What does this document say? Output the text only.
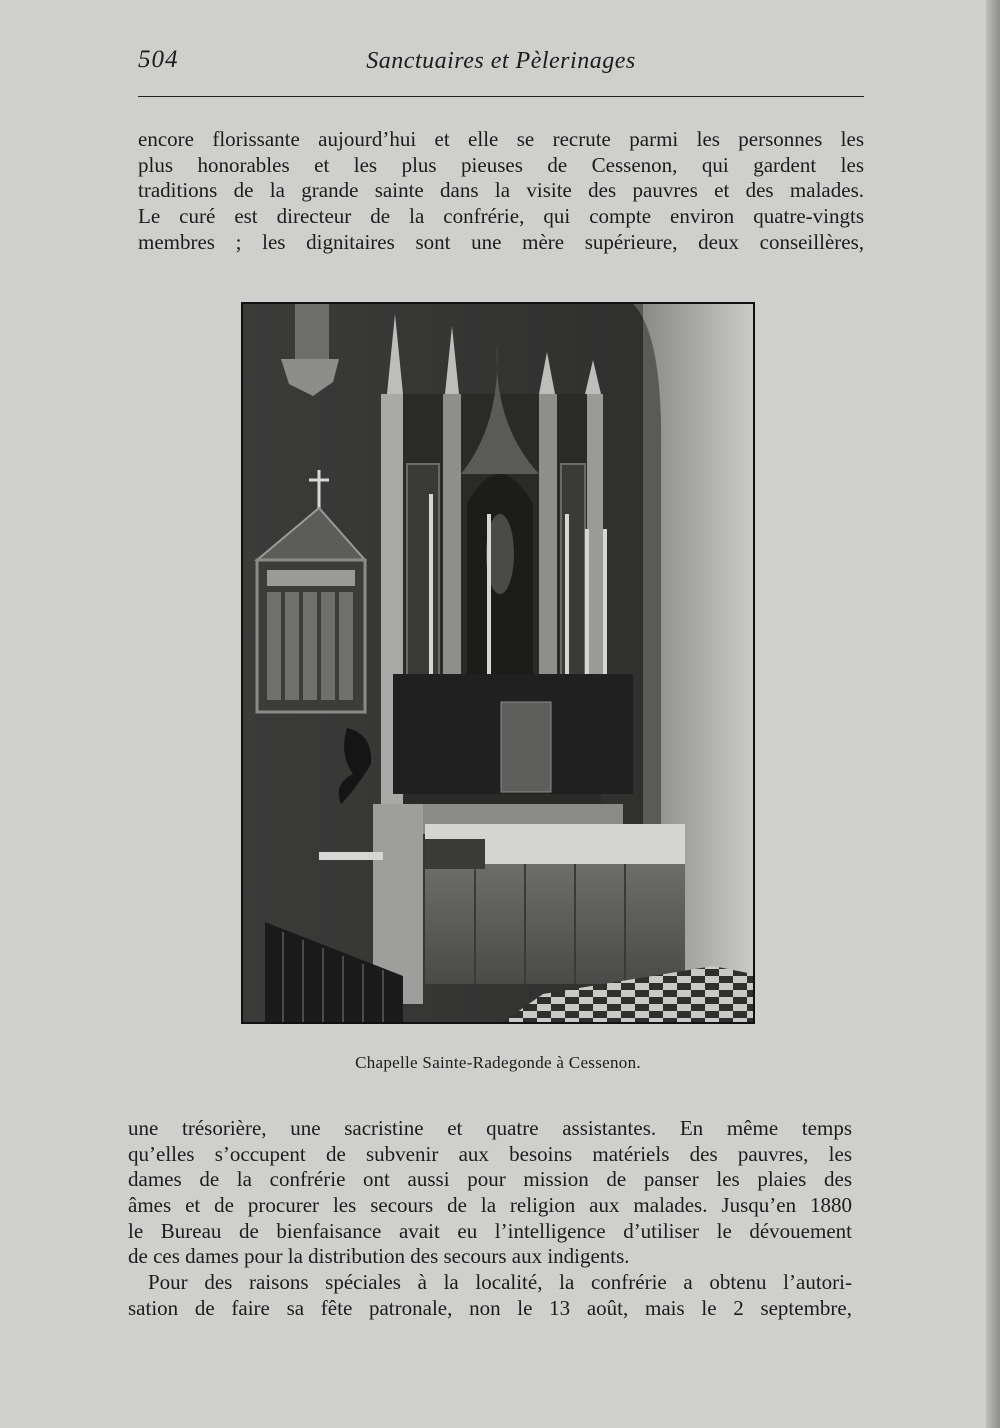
504	Sanctuaires et Pèlerinages
encore florissante aujourd’hui et elle se recrute parmi les personnes les
plus honorables et les plus pieuses de Cessenon, qui gardent les
traditions de la grande sainte dans la visite des pauvres et des malades.
Le curé est directeur de la confrérie, qui compte environ quatre-vingts
membres ; les dignitaires sont une mère supérieure, deux conseillères,
Chapelle Sainte-Radegonde à Cessenon.
une trésorière, une sacristine et quatre assistantes. En même temps
qu’elles s’occupent de subvenir aux besoins matériels des pauvres, les
dames de la confrérie ont aussi pour mission de panser les plaies des
âmes et de procurer les secours de la religion aux malades. Jusqu’en 1880
le Bureau de bienfaisance avait eu l’intelligence d’utiliser le dévouement
de ces dames pour la distribution des secours aux indigents.
Pour des raisons spéciales à la localité, la confrérie a obtenu l’autori-
sation de faire sa fête patronale, non le 13 août, mais le 2 septembre,
